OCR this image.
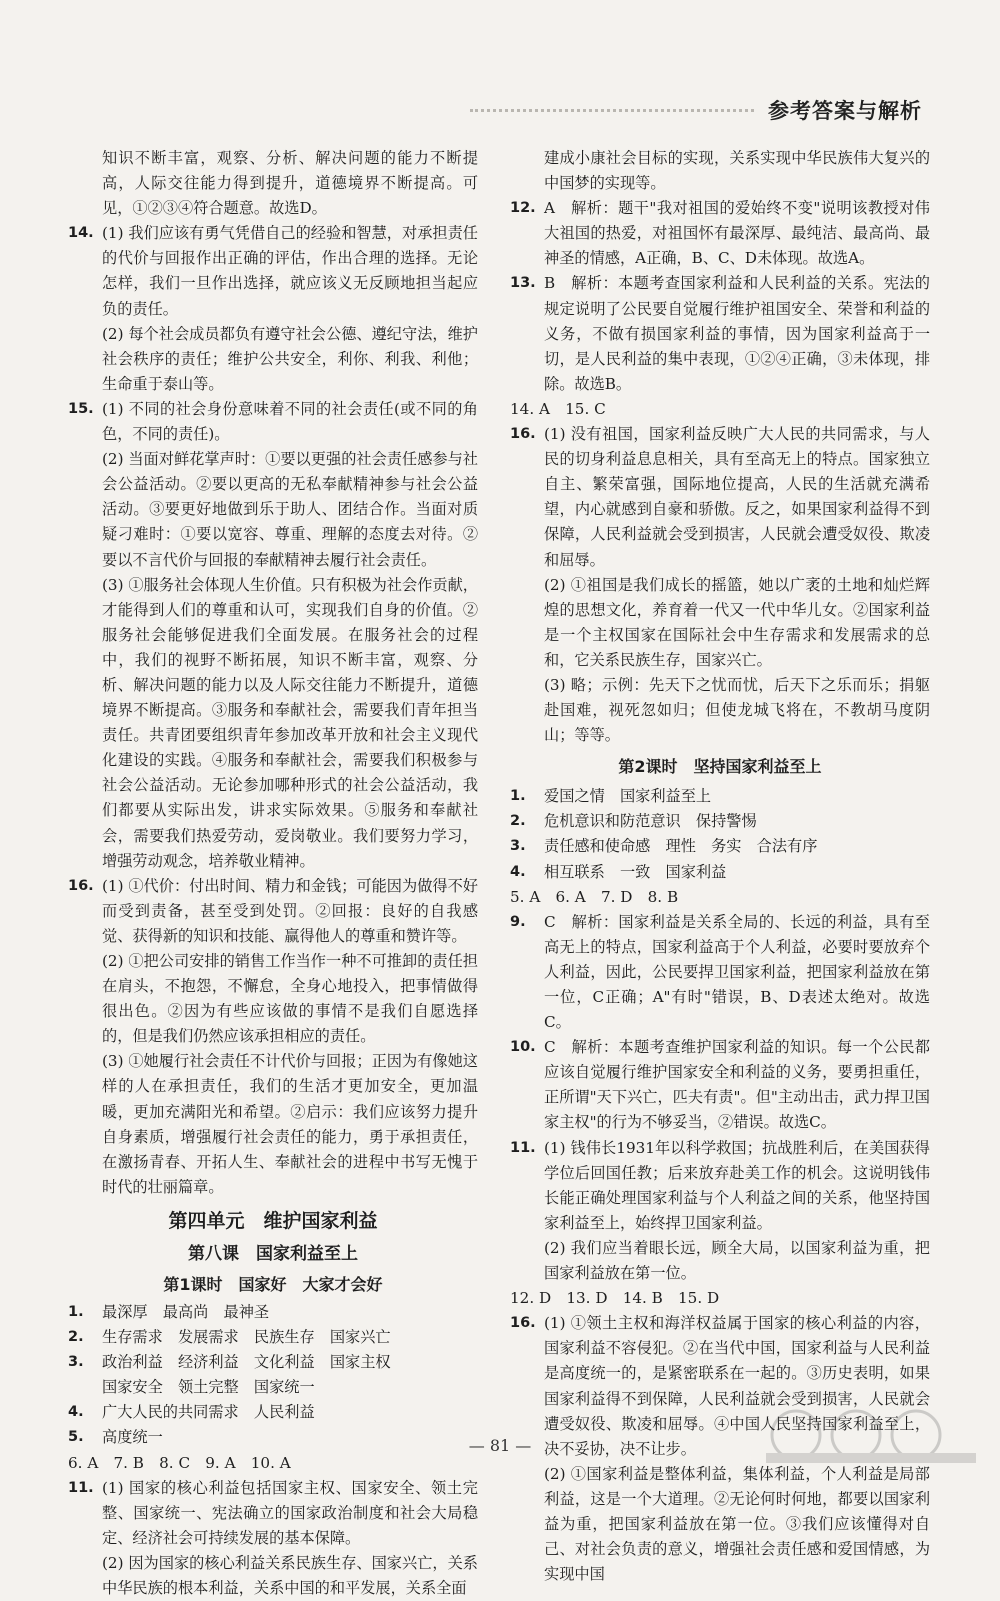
参考答案与解析

知识不断丰富，观察、分析、解决问题的能力不断提高，人际交往能力得到提升，道德境界不断提高。可见，①②③④符合题意。故选D。

14. (1) 我们应该有勇气凭借自己的经验和智慧，对承担责任的代价与回报作出正确的评估，作出合理的选择。无论怎样，我们一旦作出选择，就应该义无反顾地担当起应负的责任。

(2) 每个社会成员都负有遵守社会公德、遵纪守法，维护社会秩序的责任；维护公共安全，利你、利我、利他；生命重于泰山等。

15. (1) 不同的社会身份意味着不同的社会责任(或不同的角色，不同的责任)。

(2) 当面对鲜花掌声时：①要以更强的社会责任感参与社会公益活动。②要以更高的无私奉献精神参与社会公益活动。③要更好地做到乐于助人、团结合作。当面对质疑刁难时：①要以宽容、尊重、理解的态度去对待。②要以不言代价与回报的奉献精神去履行社会责任。

(3) ①服务社会体现人生价值。只有积极为社会作贡献，才能得到人们的尊重和认可，实现我们自身的价值。②服务社会能够促进我们全面发展。在服务社会的过程中，我们的视野不断拓展，知识不断丰富，观察、分析、解决问题的能力以及人际交往能力不断提升，道德境界不断提高。③服务和奉献社会，需要我们青年担当责任。共青团要组织青年参加改革开放和社会主义现代化建设的实践。④服务和奉献社会，需要我们积极参与社会公益活动。无论参加哪种形式的社会公益活动，我们都要从实际出发，讲求实际效果。⑤服务和奉献社会，需要我们热爱劳动，爱岗敬业。我们要努力学习，增强劳动观念，培养敬业精神。

16. (1) ①代价：付出时间、精力和金钱；可能因为做得不好而受到责备，甚至受到处罚。②回报：良好的自我感觉、获得新的知识和技能、赢得他人的尊重和赞许等。

(2) ①把公司安排的销售工作当作一种不可推卸的责任担在肩头，不抱怨，不懈怠，全身心地投入，把事情做得很出色。②因为有些应该做的事情不是我们自愿选择的，但是我们仍然应该承担相应的责任。

(3) ①她履行社会责任不计代价与回报；正因为有像她这样的人在承担责任，我们的生活才更加安全，更加温暖，更加充满阳光和希望。②启示：我们应该努力提升自身素质，增强履行社会责任的能力，勇于承担责任，在激扬青春、开拓人生、奉献社会的进程中书写无愧于时代的壮丽篇章。

第四单元　维护国家利益
第八课　国家利益至上
第1课时　国家好　大家才会好
1. 最深厚　最高尚　最神圣

2. 生存需求　发展需求　民族生存　国家兴亡

3. 政治利益　经济利益　文化利益　国家主权

国家安全　领土完整　国家统一

4. 广大人民的共同需求　人民利益

5. 高度统一

6. A　7. B　8. C　9. A　10. A

11. (1) 国家的核心利益包括国家主权、国家安全、领土完整、国家统一、宪法确立的国家政治制度和社会大局稳定、经济社会可持续发展的基本保障。

(2) 因为国家的核心利益关系民族生存、国家兴亡，关系中华民族的根本利益，关系中国的和平发展，关系全面

建成小康社会目标的实现，关系实现中华民族伟大复兴的中国梦的实现等。

12. A　解析：题干"我对祖国的爱始终不变"说明该教授对伟大祖国的热爱，对祖国怀有最深厚、最纯洁、最高尚、最神圣的情感，A正确，B、C、D未体现。故选A。

13. B　解析：本题考查国家利益和人民利益的关系。宪法的规定说明了公民要自觉履行维护祖国安全、荣誉和利益的义务，不做有损国家利益的事情，因为国家利益高于一切，是人民利益的集中表现，①②④正确，③未体现，排除。故选B。

14. A　15. C

16. (1) 没有祖国，国家利益反映广大人民的共同需求，与人民的切身利益息息相关，具有至高无上的特点。国家独立自主、繁荣富强，国际地位提高，人民的生活就充满希望，内心就感到自豪和骄傲。反之，如果国家利益得不到保障，人民利益就会受到损害，人民就会遭受奴役、欺凌和屈辱。

(2) ①祖国是我们成长的摇篮，她以广袤的土地和灿烂辉煌的思想文化，养育着一代又一代中华儿女。②国家利益是一个主权国家在国际社会中生存需求和发展需求的总和，它关系民族生存，国家兴亡。

(3) 略；示例：先天下之忧而忧，后天下之乐而乐；捐躯赴国难，视死忽如归；但使龙城飞将在，不教胡马度阴山；等等。

第2课时　坚持国家利益至上
1. 爱国之情　国家利益至上

2. 危机意识和防范意识　保持警惕

3. 责任感和使命感　理性　务实　合法有序

4. 相互联系　一致　国家利益

5. A　6. A　7. D　8. B

9. C　解析：国家利益是关系全局的、长远的利益，具有至高无上的特点，国家利益高于个人利益，必要时要放弃个人利益，因此，公民要捍卫国家利益，把国家利益放在第一位，C正确；A"有时"错误，B、D表述太绝对。故选C。

10. C　解析：本题考查维护国家利益的知识。每一个公民都应该自觉履行维护国家安全和利益的义务，要勇担重任，正所谓"天下兴亡，匹夫有责"。但"主动出击，武力捍卫国家主权"的行为不够妥当，②错误。故选C。

11. (1) 钱伟长1931年以科学救国；抗战胜利后，在美国获得学位后回国任教；后来放弃赴美工作的机会。这说明钱伟长能正确处理国家利益与个人利益之间的关系，他坚持国家利益至上，始终捍卫国家利益。

(2) 我们应当着眼长远，顾全大局，以国家利益为重，把国家利益放在第一位。

12. D　13. D　14. B　15. D

16. (1) ①领土主权和海洋权益属于国家的核心利益的内容，国家利益不容侵犯。②在当代中国，国家利益与人民利益是高度统一的，是紧密联系在一起的。③历史表明，如果国家利益得不到保障，人民利益就会受到损害，人民就会遭受奴役、欺凌和屈辱。④中国人民坚持国家利益至上，决不妥协，决不让步。

(2) ①国家利益是整体利益，集体利益，个人利益是局部利益，这是一个大道理。②无论何时何地，都要以国家利益为重，把国家利益放在第一位。③我们应该懂得对自己、对社会负责的意义，增强社会责任感和爱国情感，为实现中国

— 81 —
